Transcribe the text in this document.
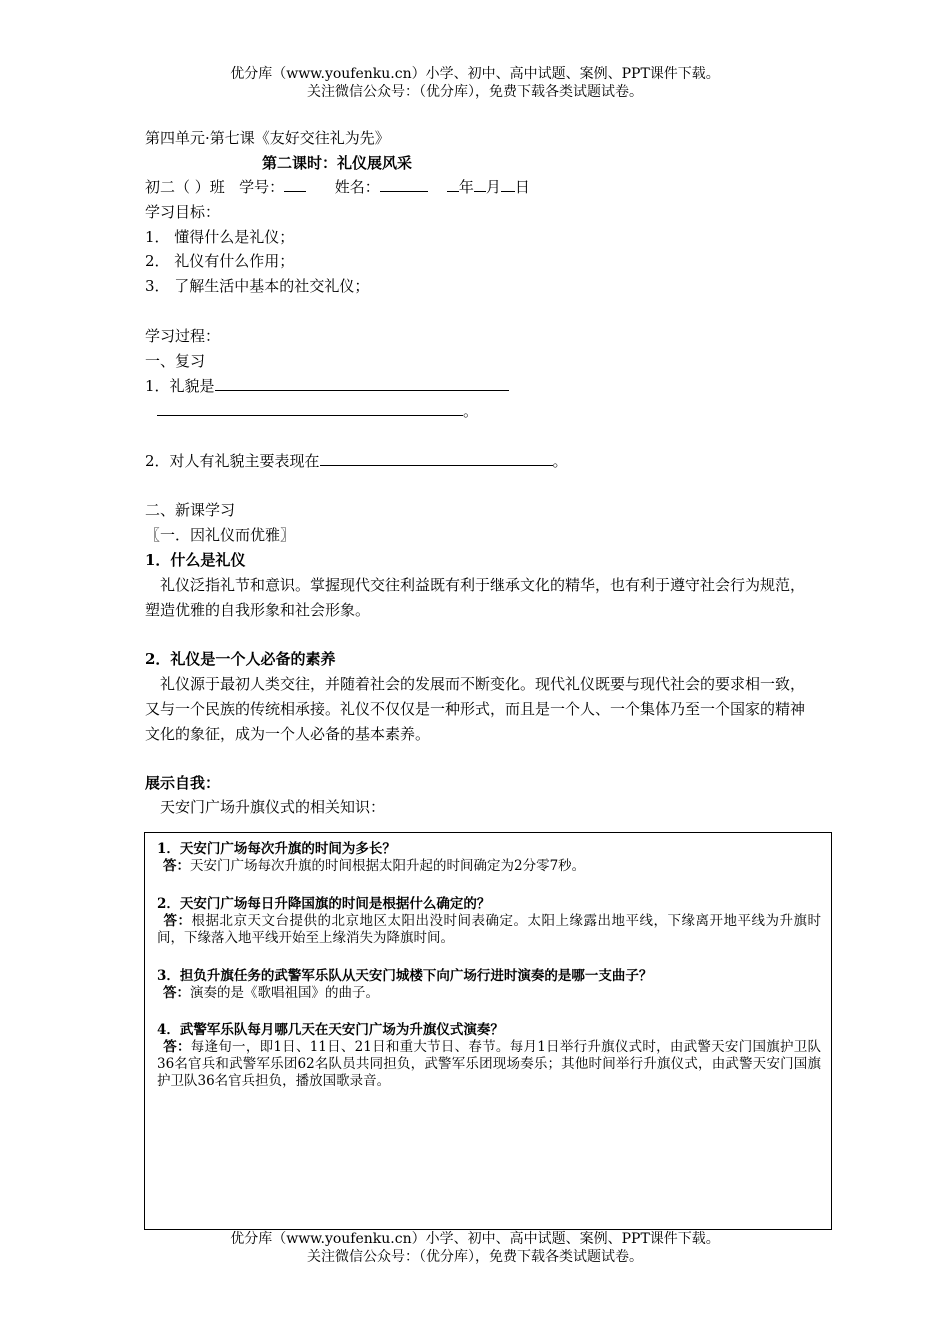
优分库（www.youfenku.cn）小学、初中、高中试题、案例、PPT课件下载。
关注微信公众号：（优分库），免费下载各类试题试卷。
第四单元·第七课《友好交往礼为先》
第二课时：礼仪展风采
初二（ ）班 学号：	姓名：	年 月 日
学习目标：
1． 懂得什么是礼仪；
2． 礼仪有什么作用；
3． 了解生活中基本的社交礼仪；
学习过程：
一、复习
1．礼貌是
。
2．对人有礼貌主要表现在	。
二、新课学习
〖一．因礼仪而优雅〗
1．什么是礼仪
礼仪泛指礼节和意识。掌握现代交往利益既有利于继承文化的精华，也有利于遵守社会行为规范，塑造优雅的自我形象和社会形象。
2．礼仪是一个人必备的素养
礼仪源于最初人类交往，并随着社会的发展而不断变化。现代礼仪既要与现代社会的要求相一致，又与一个民族的传统相承接。礼仪不仅仅是一种形式，而且是一个人、一个集体乃至一个国家的精神文化的象征，成为一个人必备的基本素养。
展示自我：
天安门广场升旗仪式的相关知识：
1．天安门广场每次升旗的时间为多长？
答：天安门广场每次升旗的时间根据太阳升起的时间确定为2分零7秒。
2．天安门广场每日升降国旗的时间是根据什么确定的？
答：根据北京天文台提供的北京地区太阳出没时间表确定。太阳上缘露出地平线，下缘离开地平线为升旗时间，下缘落入地平线开始至上缘消失为降旗时间。
3．担负升旗任务的武警军乐队从天安门城楼下向广场行进时演奏的是哪一支曲子？
答：演奏的是《歌唱祖国》的曲子。
4．武警军乐队每月哪几天在天安门广场为升旗仪式演奏？
答：每逢旬一，即1日、11日、21日和重大节日、春节。每月1日举行升旗仪式时，由武警天安门国旗护卫队36名官兵和武警军乐团62名队员共同担负，武警军乐团现场奏乐；其他时间举行升旗仪式，由武警天安门国旗护卫队36名官兵担负，播放国歌录音。
优分库（www.youfenku.cn）小学、初中、高中试题、案例、PPT课件下载。
关注微信公众号：（优分库），免费下载各类试题试卷。
